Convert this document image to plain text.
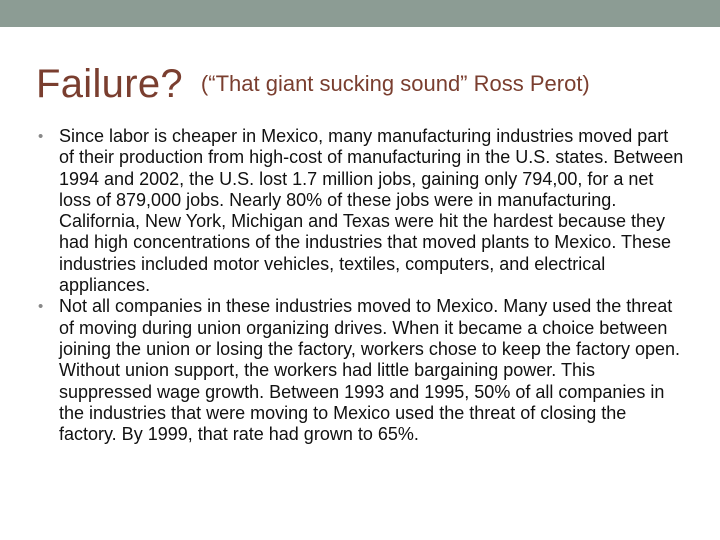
Failure? (“That giant sucking sound” Ross Perot)

• Since labor is cheaper in Mexico, many manufacturing industries moved part of their production from high-cost of manufacturing in the U.S. states. Between 1994 and 2002, the U.S. lost 1.7 million jobs, gaining only 794,00, for a net loss of 879,000 jobs. Nearly 80% of these jobs were in manufacturing. California, New York, Michigan and Texas were hit the hardest because they had high concentrations of the industries that moved plants to Mexico. These industries included motor vehicles, textiles, computers, and electrical appliances.

• Not all companies in these industries moved to Mexico. Many used the threat of moving during union organizing drives. When it became a choice between joining the union or losing the factory, workers chose to keep the factory open. Without union support, the workers had little bargaining power. This suppressed wage growth. Between 1993 and 1995, 50% of all companies in the industries that were moving to Mexico used the threat of closing the factory. By 1999, that rate had grown to 65%.
